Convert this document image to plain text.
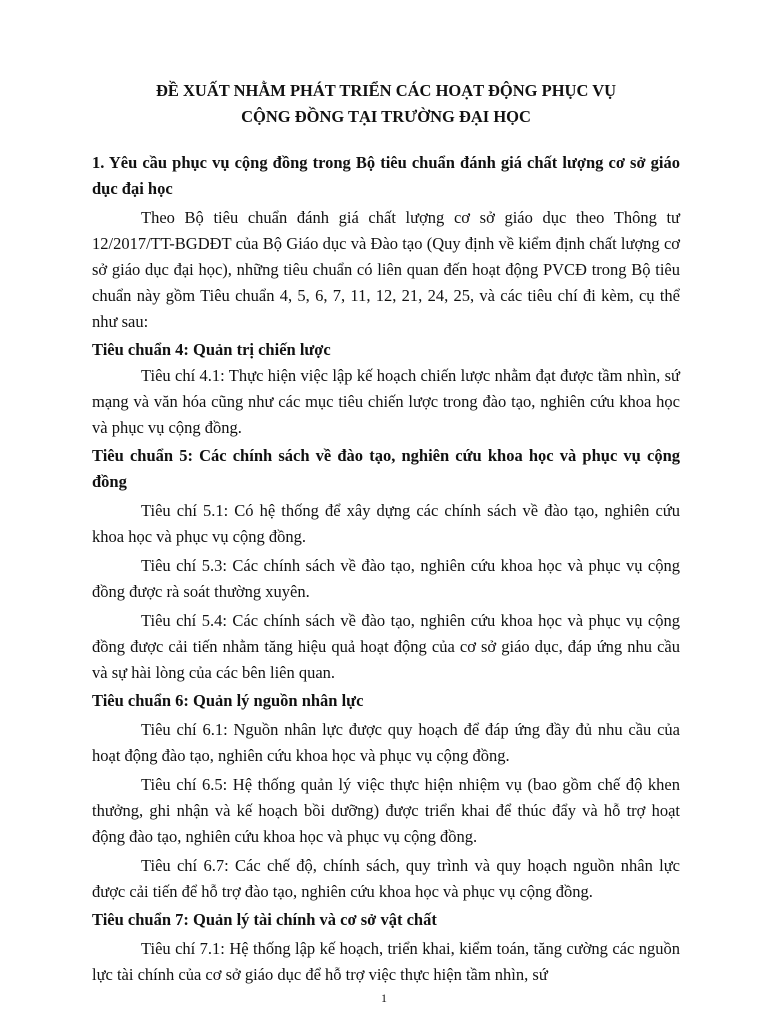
ĐỀ XUẤT NHẰM PHÁT TRIỂN CÁC HOẠT ĐỘNG PHỤC VỤ
CỘNG ĐỒNG TẠI TRƯỜNG ĐẠI HỌC

1. Yêu cầu phục vụ cộng đồng trong Bộ tiêu chuẩn đánh giá chất lượng cơ sở giáo dục đại học

Theo Bộ tiêu chuẩn đánh giá chất lượng cơ sở giáo dục theo Thông tư 12/2017/TT-BGDĐT của Bộ Giáo dục và Đào tạo (Quy định về kiểm định chất lượng cơ sở giáo dục đại học), những tiêu chuẩn có liên quan đến hoạt động PVCĐ trong Bộ tiêu chuẩn này gồm Tiêu chuẩn 4, 5, 6, 7, 11, 12, 21, 24, 25, và các tiêu chí đi kèm, cụ thể như sau:

Tiêu chuẩn 4: Quản trị chiến lược

Tiêu chí 4.1: Thực hiện việc lập kế hoạch chiến lược nhằm đạt được tầm nhìn, sứ mạng và văn hóa cũng như các mục tiêu chiến lược trong đào tạo, nghiên cứu khoa học và phục vụ cộng đồng.

Tiêu chuẩn 5: Các chính sách về đào tạo, nghiên cứu khoa học và phục vụ cộng đồng

Tiêu chí 5.1: Có hệ thống để xây dựng các chính sách về đào tạo, nghiên cứu khoa học và phục vụ cộng đồng.

Tiêu chí 5.3: Các chính sách về đào tạo, nghiên cứu khoa học và phục vụ cộng đồng được rà soát thường xuyên.

Tiêu chí 5.4: Các chính sách về đào tạo, nghiên cứu khoa học và phục vụ cộng đồng được cải tiến nhằm tăng hiệu quả hoạt động của cơ sở giáo dục, đáp ứng nhu cầu và sự hài lòng của các bên liên quan.

Tiêu chuẩn 6: Quản lý nguồn nhân lực

Tiêu chí 6.1: Nguồn nhân lực được quy hoạch để đáp ứng đầy đủ nhu cầu của hoạt động đào tạo, nghiên cứu khoa học và phục vụ cộng đồng.

Tiêu chí 6.5: Hệ thống quản lý việc thực hiện nhiệm vụ (bao gồm chế độ khen thưởng, ghi nhận và kế hoạch bồi dưỡng) được triển khai để thúc đẩy và hỗ trợ hoạt động đào tạo, nghiên cứu khoa học và phục vụ cộng đồng.

Tiêu chí 6.7: Các chế độ, chính sách, quy trình và quy hoạch nguồn nhân lực được cải tiến để hỗ trợ đào tạo, nghiên cứu khoa học và phục vụ cộng đồng.

Tiêu chuẩn 7: Quản lý tài chính và cơ sở vật chất

Tiêu chí 7.1: Hệ thống lập kế hoạch, triển khai, kiểm toán, tăng cường các nguồn lực tài chính của cơ sở giáo dục để hỗ trợ việc thực hiện tầm nhìn, sứ

1
